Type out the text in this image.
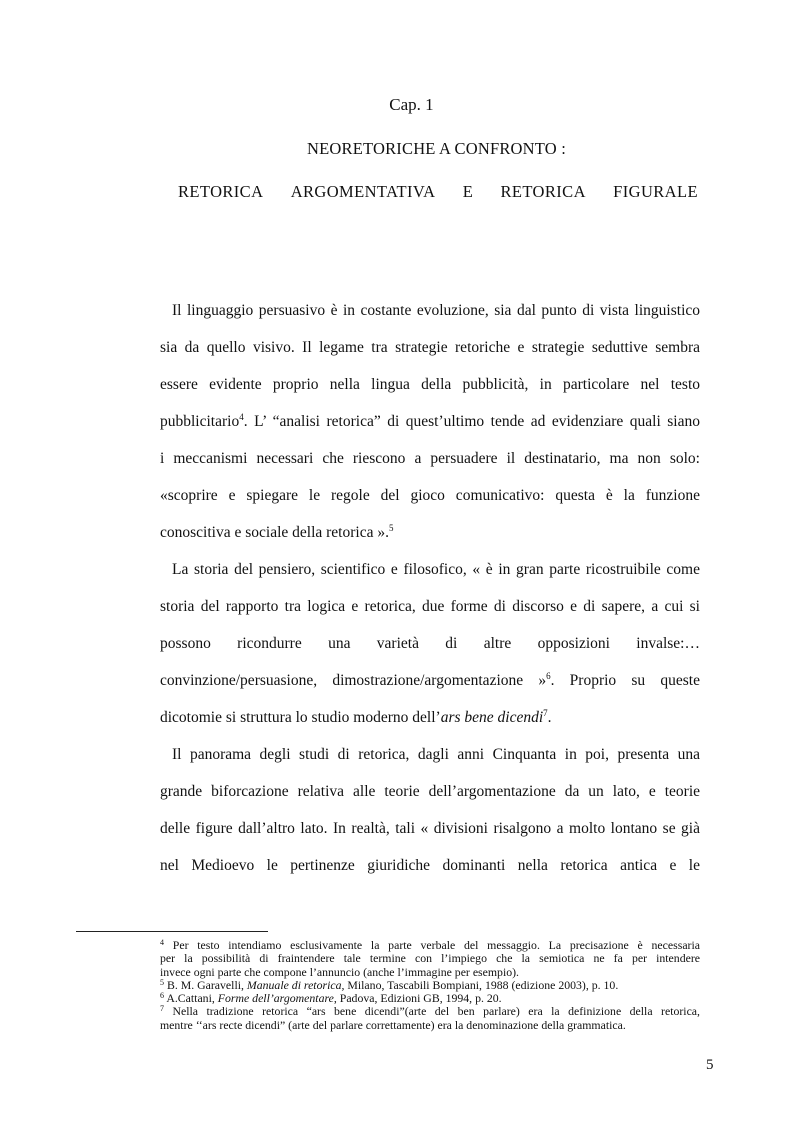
Cap. 1
NEORETORICHE A CONFRONTO :
RETORICA ARGOMENTATIVA E RETORICA FIGURALE
Il linguaggio persuasivo è in costante evoluzione, sia dal punto di vista linguistico
sia da quello visivo. Il legame tra strategie retoriche e strategie seduttive sembra
essere evidente proprio nella lingua della pubblicità, in particolare nel testo
pubblicitario$^4$. L’ “analisi retorica” di quest’ultimo tende ad evidenziare quali siano
i meccanismi necessari che riescono a persuadere il destinatario, ma non solo:
«scoprire e spiegare le regole del gioco comunicativo: questa è la funzione
conoscitiva e sociale della retorica ».$^5$
La storia del pensiero, scientifico e filosofico, « è in gran parte ricostruibile come
storia del rapporto tra logica e retorica, due forme di discorso e di sapere, a cui si
possono ricondurre una varietà di altre opposizioni invalse:…
convinzione/persuasione, dimostrazione/argomentazione »$^6$. Proprio su queste
dicotomie si struttura lo studio moderno dell’ars bene dicendi$^7$.
Il panorama degli studi di retorica, dagli anni Cinquanta in poi, presenta una
grande biforcazione relativa alle teorie dell’argomentazione da un lato, e teorie
delle figure dall’altro lato. In realtà, tali « divisioni risalgono a molto lontano se già
nel Medioevo le pertinenze giuridiche dominanti nella retorica antica e le
$^4$ Per testo intendiamo esclusivamente la parte verbale del messaggio. La precisazione è necessaria
per la possibilità di fraintendere tale termine con l’impiego che la semiotica ne fa per intendere
invece ogni parte che compone l’annuncio (anche l’immagine per esempio).
$^5$ B. M. Garavelli, Manuale di retorica, Milano, Tascabili Bompiani, 1988 (edizione 2003), p. 10.
$^6$ A.Cattani, Forme dell’argomentare, Padova, Edizioni GB, 1994, p. 20.
$^7$ Nella tradizione retorica “ars bene dicendi”(arte del ben parlare) era la definizione della retorica,
mentre ‘‘ars recte dicendi” (arte del parlare correttamente) era la denominazione della grammatica.
5
